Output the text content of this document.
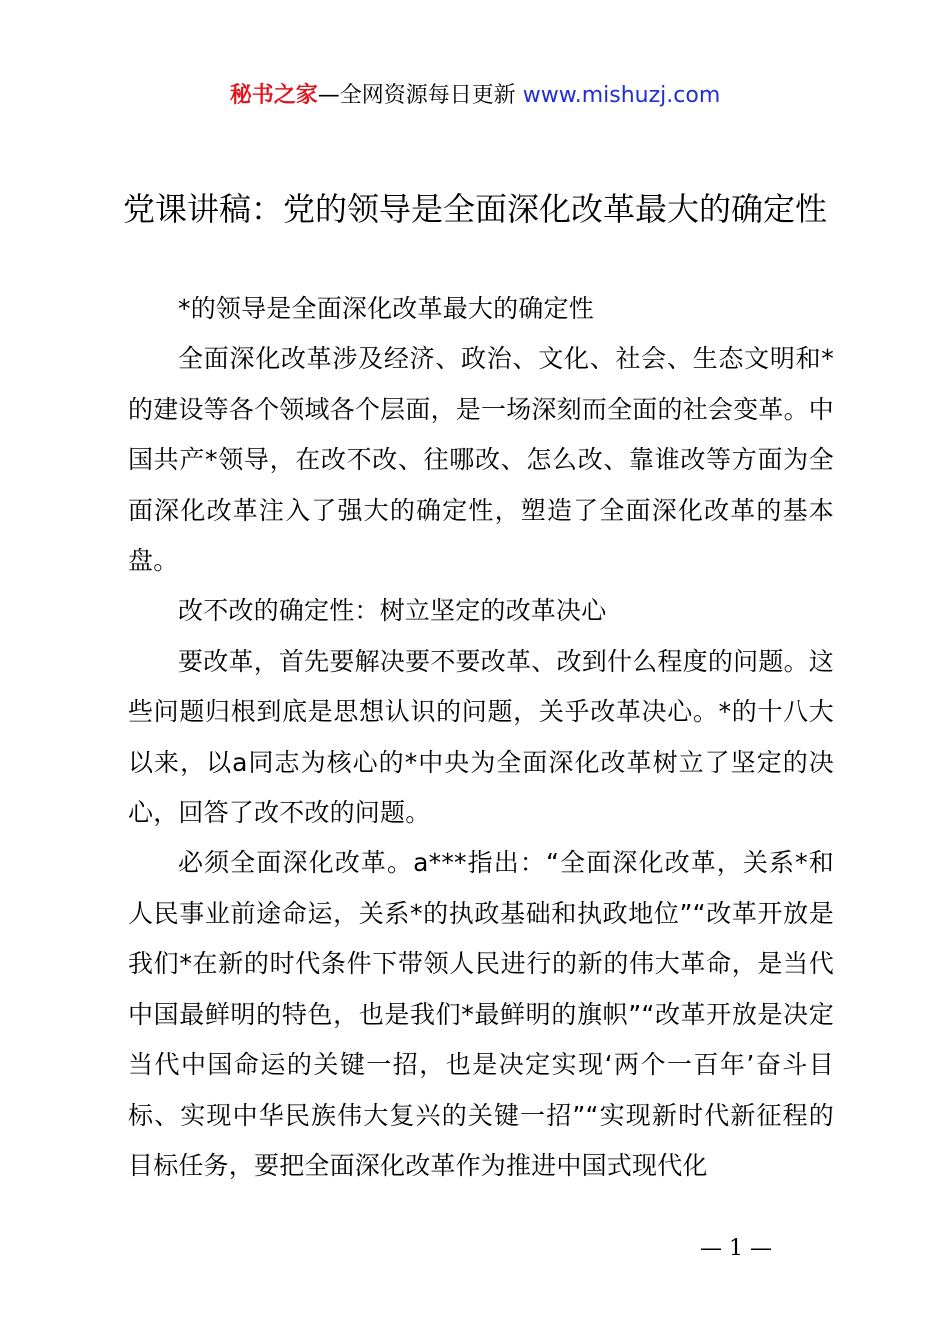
秘书之家—全网资源每日更新 www.mishuzj.com
党课讲稿：党的领导是全面深化改革最大的确定性

*的领导是全面深化改革最大的确定性

全面深化改革涉及经济、政治、文化、社会、生态文明和*的建设等各个领域各个层面，是一场深刻而全面的社会变革。中国共产*领导，在改不改、往哪改、怎么改、靠谁改等方面为全面深化改革注入了强大的确定性，塑造了全面深化改革的基本盘。

改不改的确定性：树立坚定的改革决心

要改革，首先要解决要不要改革、改到什么程度的问题。这些问题归根到底是思想认识的问题，关乎改革决心。*的十八大以来，以a同志为核心的*中央为全面深化改革树立了坚定的决心，回答了改不改的问题。

必须全面深化改革。a***指出：“全面深化改革，关系*和人民事业前途命运，关系*的执政基础和执政地位”“改革开放是我们*在新的时代条件下带领人民进行的新的伟大革命，是当代中国最鲜明的特色，也是我们*最鲜明的旗帜”“改革开放是决定当代中国命运的关键一招，也是决定实现‘两个一百年’奋斗目标、实现中华民族伟大复兴的关键一招”“实现新时代新征程的目标任务，要把全面深化改革作为推进中国式现代化

— 1 —
